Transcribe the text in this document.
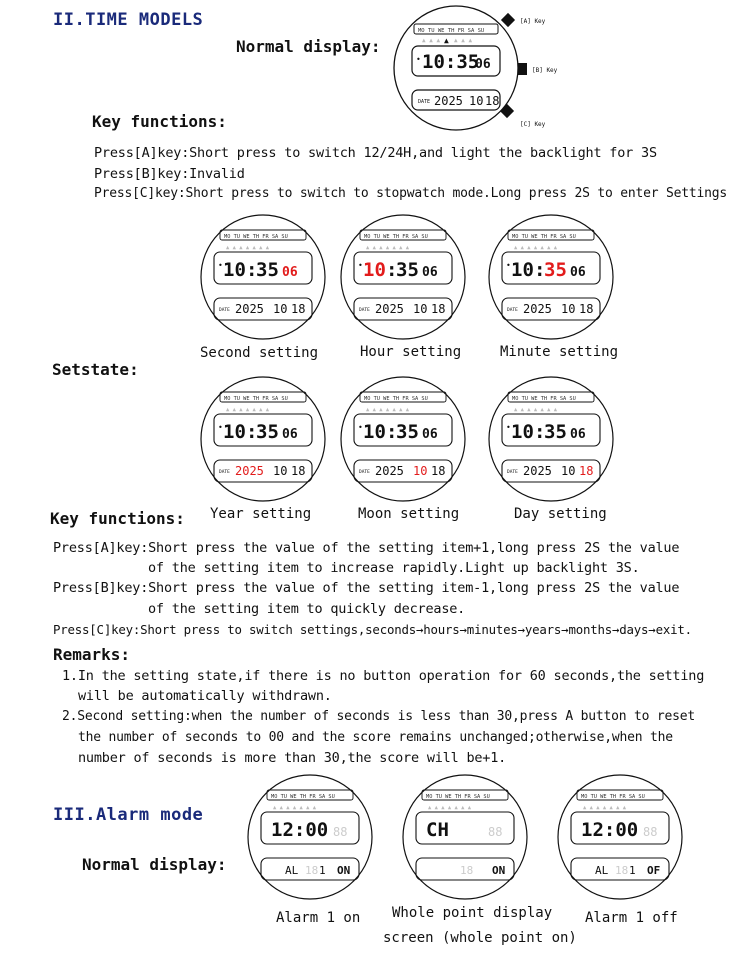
II.TIME MODELS
Normal display:
MO TU WE TH FR SA SU
▲ ▲ ▲ ▲ ▲ ▲ ▲
• 10:35
06
DATE 2025 10 18
[A] Key
[B] Key
[C] Key
Key functions:
Press[A]key:Short press to switch 12/24H,and light the backlight for 3S
Press[B]key:Invalid
Press[C]key:Short press to switch to stopwatch mode.Long press 2S to enter Settings
MO TU WE TH FR SA SU
▲ ▲ ▲ ▲ ▲ ▲ ▲
• 10 :
35 06
DATE 2025 10 18
MO TU WE TH FR SA SU
▲ ▲ ▲ ▲ ▲ ▲ ▲
• 10 :
35 06
DATE 2025 10 18
MO TU WE TH FR SA SU
▲ ▲ ▲ ▲ ▲ ▲ ▲
• 10 :
35 06
DATE 2025 10 18
MO TU WE TH FR SA SU
▲ ▲ ▲ ▲ ▲ ▲ ▲
• 10 :
35 06
DATE 2025 10 18
MO TU WE TH FR SA SU
▲ ▲ ▲ ▲ ▲ ▲ ▲
• 10 :
35 06
DATE 2025 10 18
MO TU WE TH FR SA SU
▲ ▲ ▲ ▲ ▲ ▲ ▲
• 10 :
35 06
DATE 2025 10 18
Setstate:
Second setting	Hour setting	Minute setting
Key functions: Year setting	Moon setting	Day setting
Press[A]key:Short press the value of the setting item+1,long press 2S the value
of the setting item to increase rapidly.Light up backlight 3S.
Press[B]key:Short press the value of the setting item-1,long press 2S the value
of the setting item to quickly decrease.
Press[C]key:Short press to switch settings,seconds→hours→minutes→years→months→days→exit.
Remarks:
1.In the setting state,if there is no button operation for 60 seconds,the setting
will be automatically withdrawn.
2.Second setting:when the number of seconds is less than 30,press A button to reset
the number of seconds to 00 and the score remains unchanged;otherwise,when the
number of seconds is more than 30,the score will be+1.
III.Alarm mode
Normal display:
MO TU WE TH FR SA SU
▲ ▲ ▲ ▲ ▲ ▲ ▲
12:00 88
AL 18 1 ON
MO TU WE TH FR SA SU
▲ ▲ ▲ ▲ ▲ ▲ ▲
CH	88
18 ON
MO TU WE TH FR SA SU
▲ ▲ ▲ ▲ ▲ ▲ ▲
12:00 88
AL 18 1 OF
Alarm 1 on Whole point display
screen (whole point on)
Alarm 1 off
